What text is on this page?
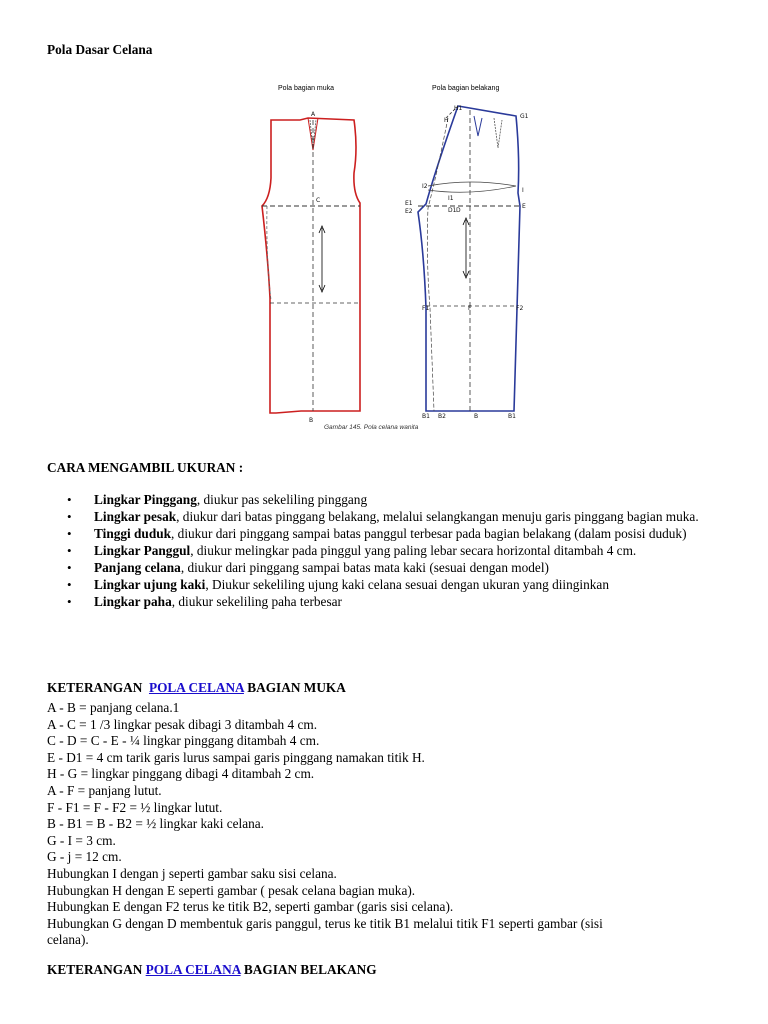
Pola Dasar Celana
A
C
B
H1
H
G1
I2
I
I1
D1
E1
E2	D
E
F1	F2
F
B1 B2	B	B1
Pola bagian muka	Pola bagian belakang
Gambar 145. Pola celana wanita
CARA MENGAMBIL UKURAN :
• Lingkar Pinggang, diukur pas sekeliling pinggang
• Lingkar pesak, diukur dari batas pinggang belakang, melalui selangkangan menuju garis pinggang bagian muka.
• Tinggi duduk, diukur dari pinggang sampai batas panggul terbesar pada bagian belakang (dalam posisi duduk)
• Lingkar Panggul, diukur melingkar pada pinggul yang paling lebar secara horizontal ditambah 4 cm.
• Panjang celana, diukur dari pinggang sampai batas mata kaki (sesuai dengan model)
• Lingkar ujung kaki, Diukur sekeliling ujung kaki celana sesuai dengan ukuran yang diinginkan
• Lingkar paha, diukur sekeliling paha terbesar
KETERANGAN  POLA CELANA BAGIAN MUKA
A - B = panjang celana.1
A - C = 1 /3 lingkar pesak dibagi 3 ditambah 4 cm.
C - D = C - E - ¼ lingkar pinggang ditambah 4 cm.
E - D1 = 4 cm tarik garis lurus sampai garis pinggang namakan titik H.
H - G = lingkar pinggang dibagi 4 ditambah 2 cm.
A - F = panjang lutut.
F - F1 = F - F2 = ½ lingkar lutut.
B - B1 = B - B2 = ½ lingkar kaki celana.
G - I = 3 cm.
G - j = 12 cm.
Hubungkan I dengan j seperti gambar saku sisi celana.
Hubungkan H dengan E seperti gambar ( pesak celana bagian muka).
Hubungkan E dengan F2 terus ke titik B2, seperti gambar (garis sisi celana).
Hubungkan G dengan D membentuk garis panggul, terus ke titik B1 melalui titik F1 seperti gambar (sisi
celana).
KETERANGAN POLA CELANA BAGIAN BELAKANG
